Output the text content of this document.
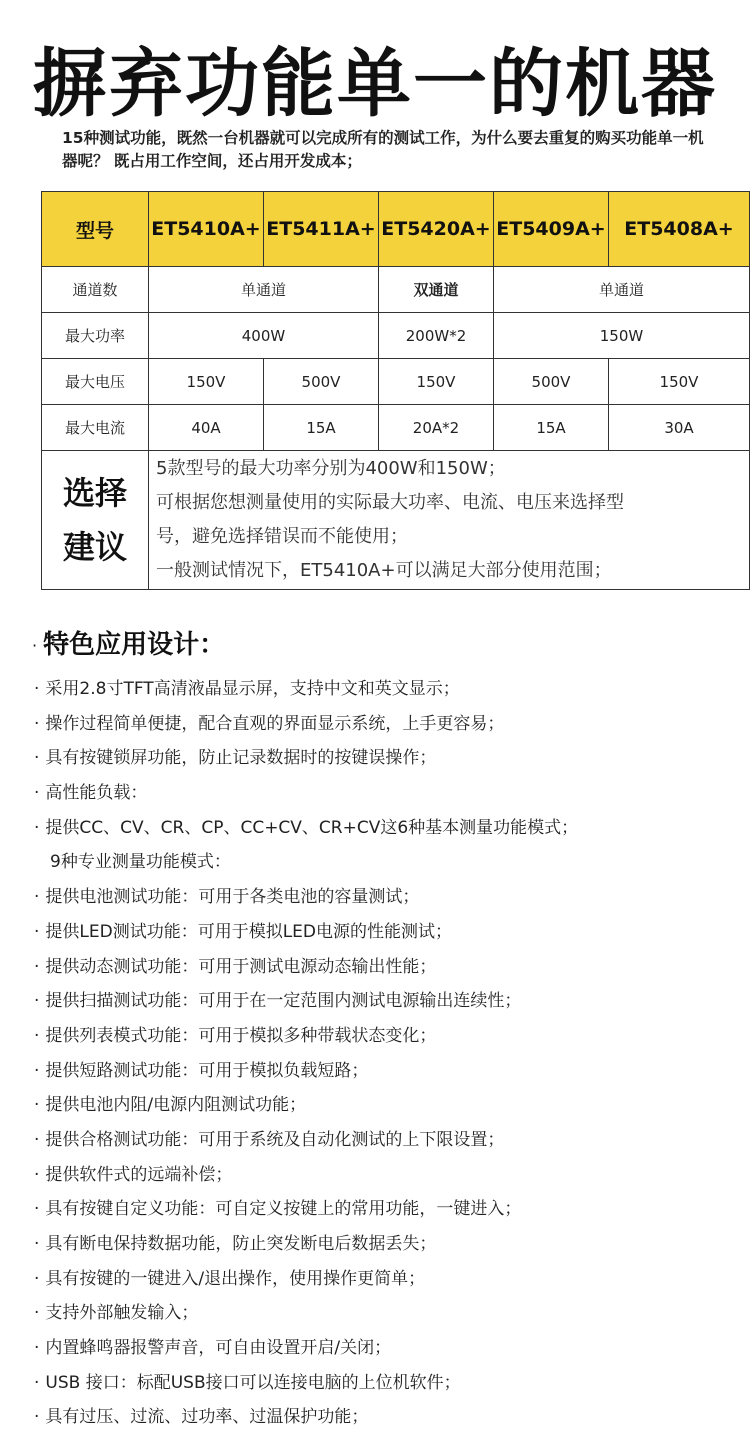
摒弃功能单一的机器
15种测试功能，既然一台机器就可以完成所有的测试工作，为什么要去重复的购买功能单一机器呢？ 既占用工作空间，还占用开发成本；
型号	ET5410A+	ET5411A+	ET5420A+	ET5409A+	ET5408A+
通道数	单通道		双通道	单通道	
最大功率	400W		200W*2	150W	
最大电压	150V	500V	150V	500V	150V
最大电流	40A	15A	20A*2	15A	30A

选择
建议	5款型号的最大功率分别为400W和150W；
可根据您想测量使用的实际最大功率、电流、电压来选择型
号，避免选择错误而不能使用；
一般测试情况下，ET5410A+可以满足大部分使用范围；				
· 特色应用设计：
· 采用2.8寸TFT高清液晶显示屏，支持中文和英文显示；
· 操作过程简单便捷，配合直观的界面显示系统，上手更容易；
· 具有按键锁屏功能，防止记录数据时的按键误操作；
· 高性能负载：
· 提供CC、CV、CR、CP、CC+CV、CR+CV这6种基本测量功能模式；
9种专业测量功能模式：
· 提供电池测试功能：可用于各类电池的容量测试；
· 提供LED测试功能：可用于模拟LED电源的性能测试；
· 提供动态测试功能：可用于测试电源动态输出性能；
· 提供扫描测试功能：可用于在一定范围内测试电源输出连续性；
· 提供列表模式功能：可用于模拟多种带载状态变化；
· 提供短路测试功能：可用于模拟负载短路；
· 提供电池内阻/电源内阻测试功能；
· 提供合格测试功能：可用于系统及自动化测试的上下限设置；
· 提供软件式的远端补偿；
· 具有按键自定义功能：可自定义按键上的常用功能，一键进入；
· 具有断电保持数据功能，防止突发断电后数据丢失；
· 具有按键的一键进入/退出操作，使用操作更简单；
· 支持外部触发输入；
· 内置蜂鸣器报警声音，可自由设置开启/关闭；
· USB 接口：标配USB接口可以连接电脑的上位机软件；
· 具有过压、过流、过功率、过温保护功能；
